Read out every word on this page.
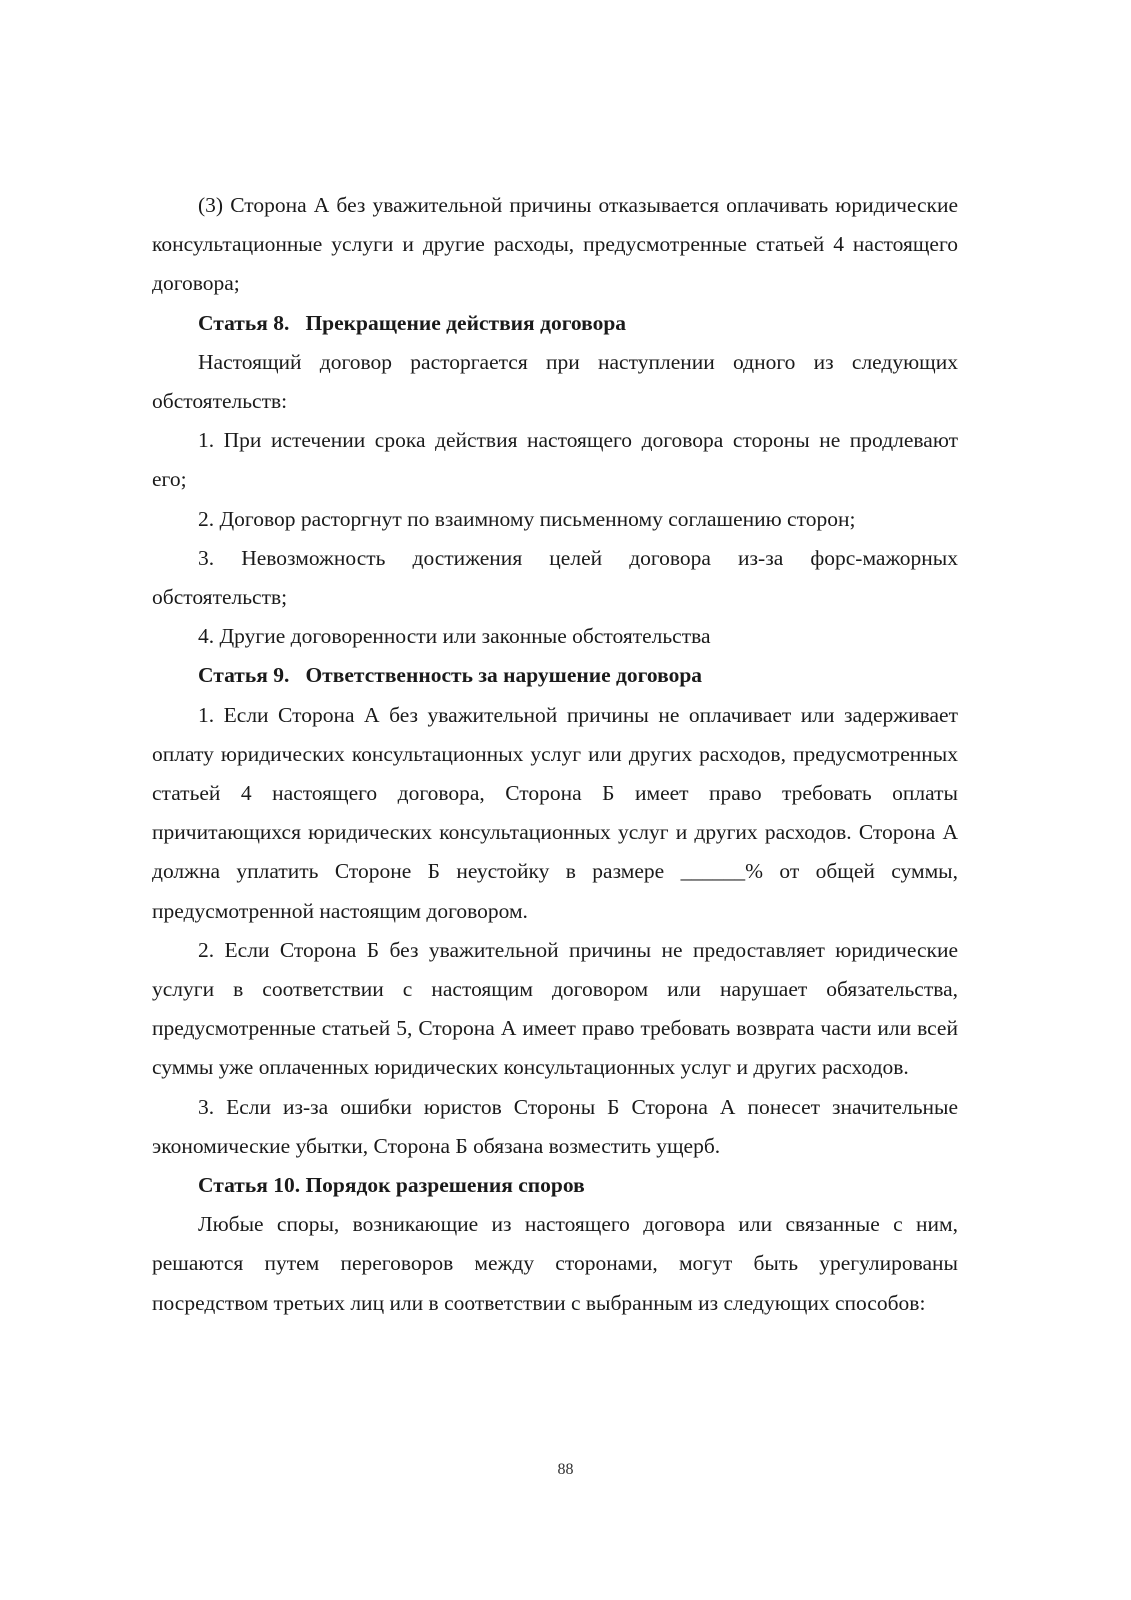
(3) Сторона А без уважительной причины отказывается оплачивать юридические консультационные услуги и другие расходы, предусмотренные статьей 4 настоящего договора;

Статья 8.   Прекращение действия договора

Настоящий договор расторгается при наступлении одного из следующих обстоятельств:

1. При истечении срока действия настоящего договора стороны не продлевают его;

2. Договор расторгнут по взаимному письменному соглашению сторон;

3. Невозможность достижения целей договора из-за форс-мажорных обстоятельств;

4. Другие договоренности или законные обстоятельства

Статья 9.   Ответственность за нарушение договора

1. Если Сторона А без уважительной причины не оплачивает или задерживает оплату юридических консультационных услуг или других расходов, предусмотренных статьей 4 настоящего договора, Сторона Б имеет право требовать оплаты причитающихся юридических консультационных услуг и других расходов. Сторона А должна уплатить Стороне Б неустойку в размере ______% от общей суммы, предусмотренной настоящим договором.

2. Если Сторона Б без уважительной причины не предоставляет юридические услуги в соответствии с настоящим договором или нарушает обязательства, предусмотренные статьей 5, Сторона А имеет право требовать возврата части или всей суммы уже оплаченных юридических консультационных услуг и других расходов.

3. Если из-за ошибки юристов Стороны Б Сторона А понесет значительные экономические убытки, Сторона Б обязана возместить ущерб.

Статья 10. Порядок разрешения споров

Любые споры, возникающие из настоящего договора или связанные с ним, решаются путем переговоров между сторонами, могут быть урегулированы посредством третьих лиц или в соответствии с выбранным из следующих способов:

88
